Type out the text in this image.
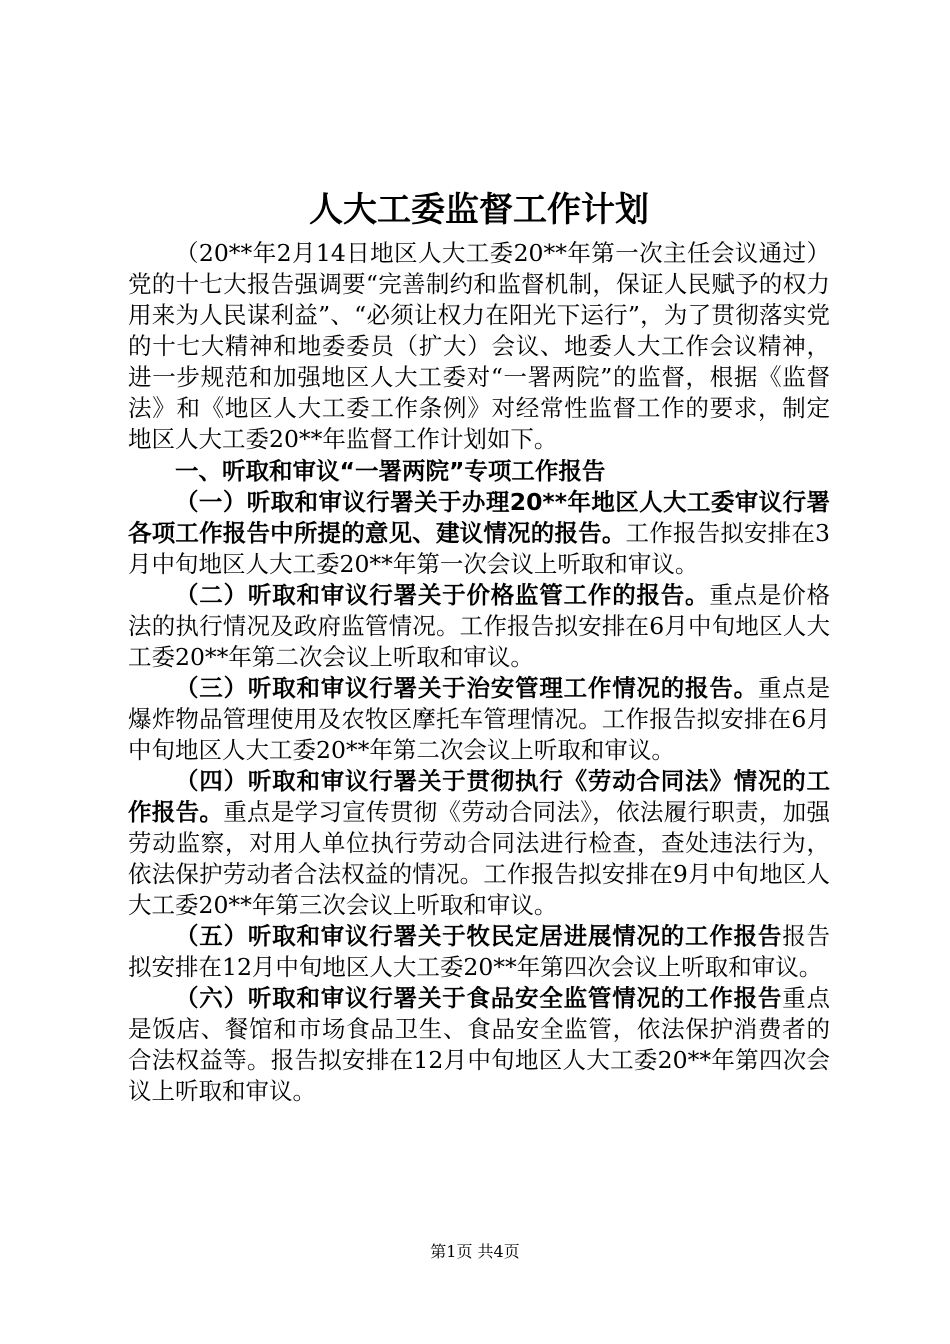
人大工委监督工作计划

（20**年2月14日地区人大工委20**年第一次主任会议通过）党的十七大报告强调要“完善制约和监督机制，保证人民赋予的权力用来为人民谋利益”、“必须让权力在阳光下运行”，为了贯彻落实党的十七大精神和地委委员（扩大）会议、地委人大工作会议精神，进一步规范和加强地区人大工委对“一署两院”的监督，根据《监督法》和《地区人大工委工作条例》对经常性监督工作的要求，制定地区人大工委20**年监督工作计划如下。

一、听取和审议“一署两院”专项工作报告

（一）听取和审议行署关于办理20**年地区人大工委审议行署各项工作报告中所提的意见、建议情况的报告。工作报告拟安排在3月中旬地区人大工委20**年第一次会议上听取和审议。

（二）听取和审议行署关于价格监管工作的报告。重点是价格法的执行情况及政府监管情况。工作报告拟安排在6月中旬地区人大工委20**年第二次会议上听取和审议。

（三）听取和审议行署关于治安管理工作情况的报告。重点是爆炸物品管理使用及农牧区摩托车管理情况。工作报告拟安排在6月中旬地区人大工委20**年第二次会议上听取和审议。

（四）听取和审议行署关于贯彻执行《劳动合同法》情况的工作报告。重点是学习宣传贯彻《劳动合同法》，依法履行职责，加强劳动监察，对用人单位执行劳动合同法进行检查，查处违法行为，依法保护劳动者合法权益的情况。工作报告拟安排在9月中旬地区人大工委20**年第三次会议上听取和审议。

（五）听取和审议行署关于牧民定居进展情况的工作报告报告拟安排在12月中旬地区人大工委20**年第四次会议上听取和审议。

（六）听取和审议行署关于食品安全监管情况的工作报告重点是饭店、餐馆和市场食品卫生、食品安全监管，依法保护消费者的合法权益等。报告拟安排在12月中旬地区人大工委20**年第四次会议上听取和审议。

第1页 共4页
